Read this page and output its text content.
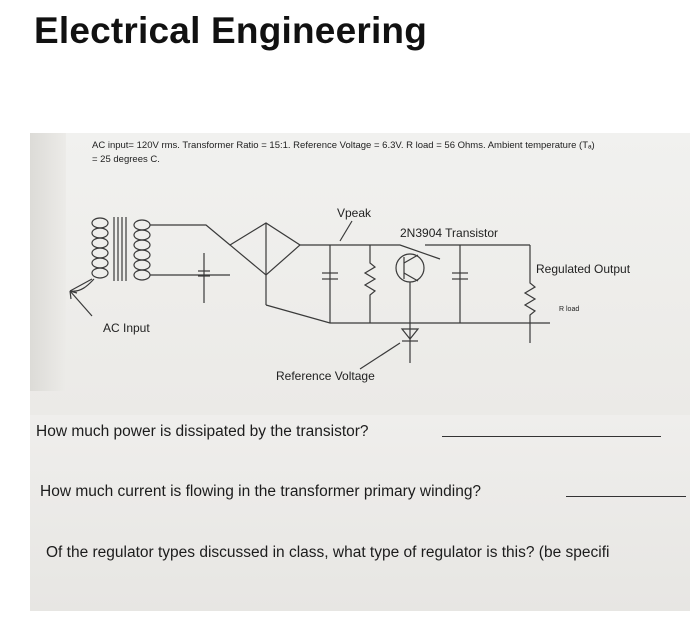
Electrical Engineering
AC input= 120V rms. Transformer Ratio = 15:1. Reference Voltage = 6.3V. R load = 56 Ohms. Ambient temperature (Tₐ)
= 25 degrees C.
Vpeak
2N3904 Transistor
Regulated Output
R load
AC Input
Reference Voltage
How much power is dissipated by the transistor?
How much current is flowing in the transformer primary winding?
Of the regulator types discussed in class, what type of regulator is this? (be specifi
